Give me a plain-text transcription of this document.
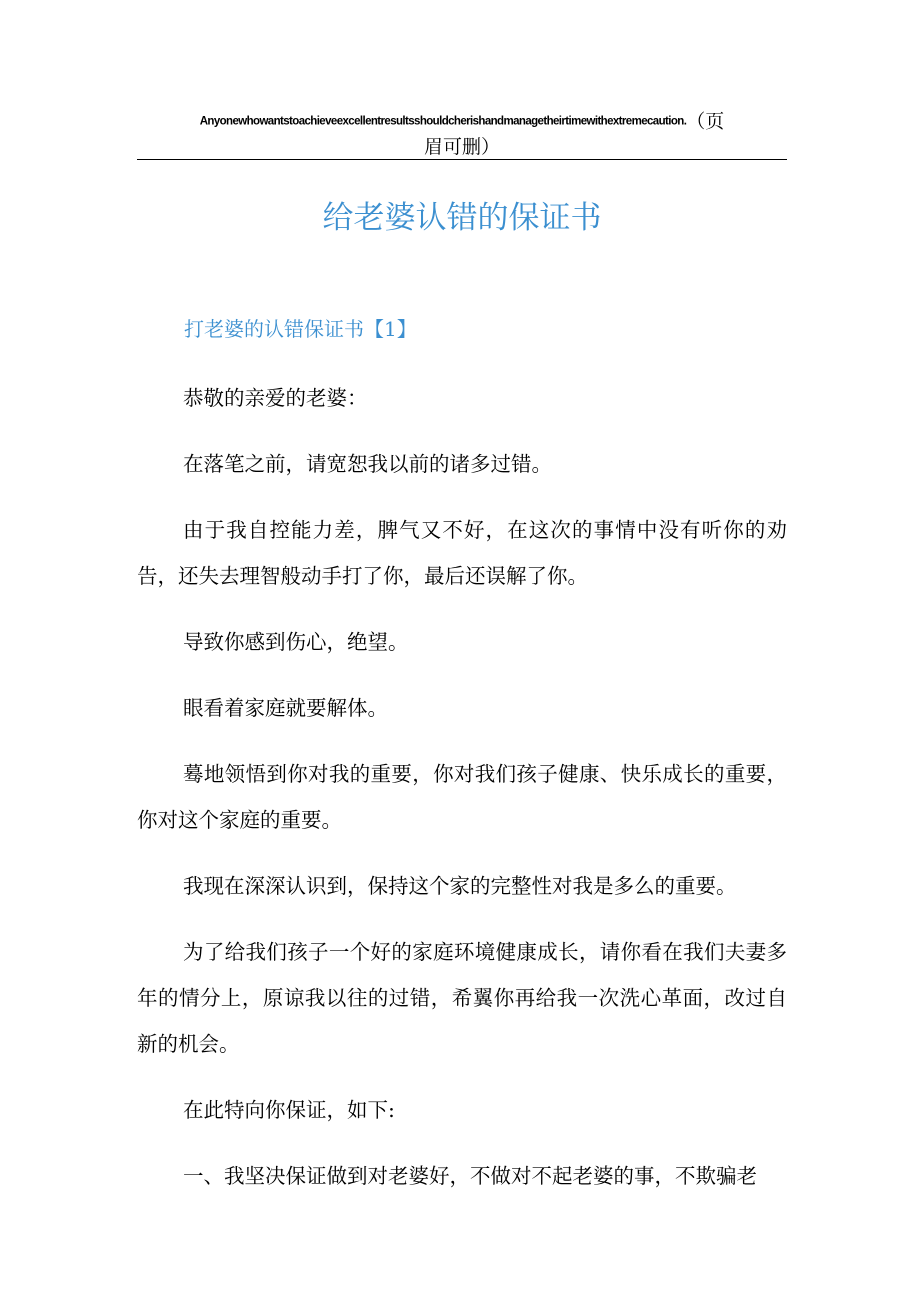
Anyonewhowantstoachieveexcellentresultsshouldcherishandmanagetheirtimewithextremecaution.（页
眉可删）
给老婆认错的保证书
打老婆的认错保证书【1】

恭敬的亲爱的老婆：

在落笔之前，请宽恕我以前的诸多过错。

由于我自控能力差，脾气又不好，在这次的事情中没有听你的劝告，还失去理智般动手打了你，最后还误解了你。

导致你感到伤心，绝望。

眼看着家庭就要解体。

蓦地领悟到你对我的重要，你对我们孩子健康、快乐成长的重要，你对这个家庭的重要。

我现在深深认识到，保持这个家的完整性对我是多么的重要。

为了给我们孩子一个好的家庭环境健康成长，请你看在我们夫妻多年的情分上，原谅我以往的过错，希翼你再给我一次洗心革面，改过自新的机会。

在此特向你保证，如下:

一、我坚决保证做到对老婆好，不做对不起老婆的事，不欺骗老
